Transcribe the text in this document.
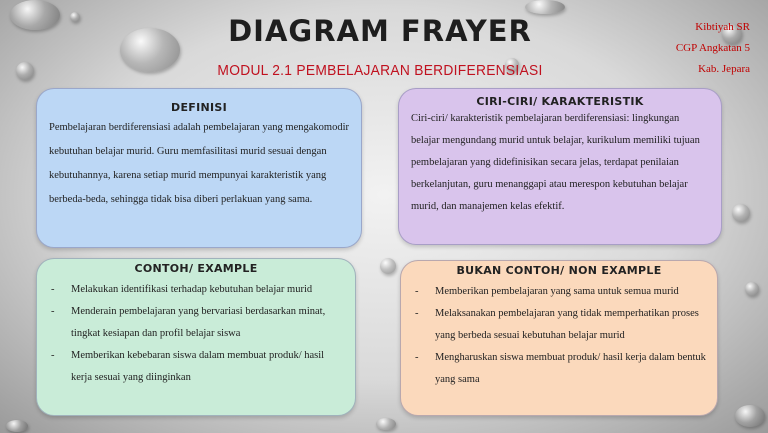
DIAGRAM FRAYER
MODUL 2.1 PEMBELAJARAN BERDIFERENSIASI
Kibtiyah SR
CGP Angkatan 5
Kab. Jepara
DEFINISI

Pembelajaran berdiferensiasi adalah pembelajaran yang mengakomodir kebutuhan belajar murid. Guru memfasilitasi murid sesuai dengan kebutuhannya, karena setiap murid mempunyai karakteristik yang berbeda-beda, sehingga tidak bisa diberi perlakuan yang sama.

CIRI-CIRI/ KARAKTERISTIK

Ciri-ciri/ karakteristik pembelajaran berdiferensiasi: lingkungan belajar mengundang murid untuk belajar, kurikulum memiliki tujuan pembelajaran yang didefinisikan secara jelas, terdapat penilaian berkelanjutan, guru menanggapi atau merespon kebutuhan belajar murid, dan manajemen kelas efektif.

CONTOH/ EXAMPLE
- Melakukan identifikasi terhadap kebutuhan belajar murid
- Menderain pembelajaran yang bervariasi berdasarkan minat, tingkat kesiapan dan profil belajar siswa
- Memberikan kebebaran siswa dalam membuat produk/ hasil kerja sesuai yang diinginkan
BUKAN CONTOH/ NON EXAMPLE
- Memberikan pembelajaran yang sama untuk semua murid
- Melaksanakan pembelajaran yang tidak memperhatikan proses yang berbeda sesuai kebutuhan belajar murid
- Mengharuskan siswa membuat produk/ hasil kerja dalam bentuk yang sama
